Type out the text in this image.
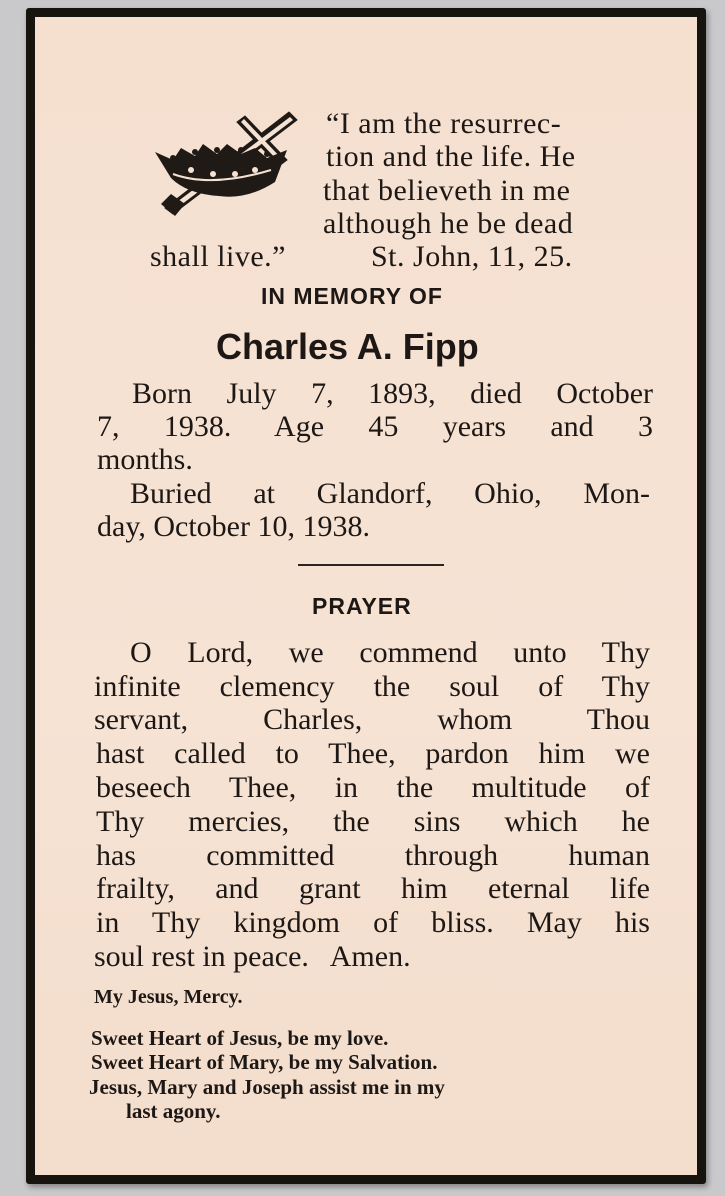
“I am the resurrec-
tion and the life. He
that believeth in me
although he be dead
shall live.”	St. John, 11, 25.
IN MEMORY OF
Charles A. Fipp
Born July 7, 1893, died October
7, 1938. Age 45 years and 3
months.
Buried at Glandorf, Ohio, Mon-
day, October 10, 1938.
PRAYER
O Lord, we commend unto Thy
infinite clemency the soul of Thy
servant, Charles, whom Thou
hast called to Thee, pardon him we
beseech Thee, in the multitude of
Thy mercies, the sins which he
has committed through human
frailty, and grant him eternal life
in Thy kingdom of bliss. May his
soul rest in peace.   Amen.
My Jesus, Mercy.
Sweet Heart of Jesus, be my love.
Sweet Heart of Mary, be my Salvation.
Jesus, Mary and Joseph assist me in my
last agony.
